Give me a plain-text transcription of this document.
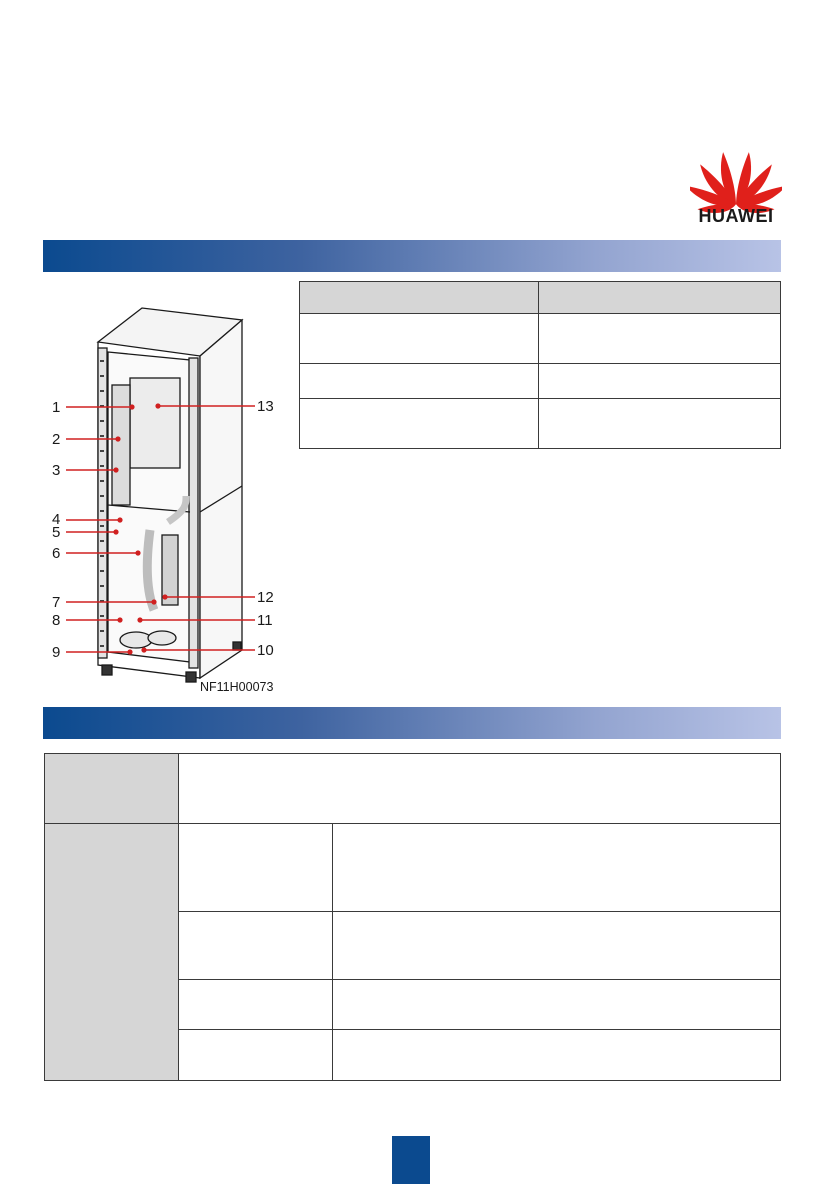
HUAWEI
1
2
3
4
5
6
7
8
9	10
11
12
13
NF11H00073
